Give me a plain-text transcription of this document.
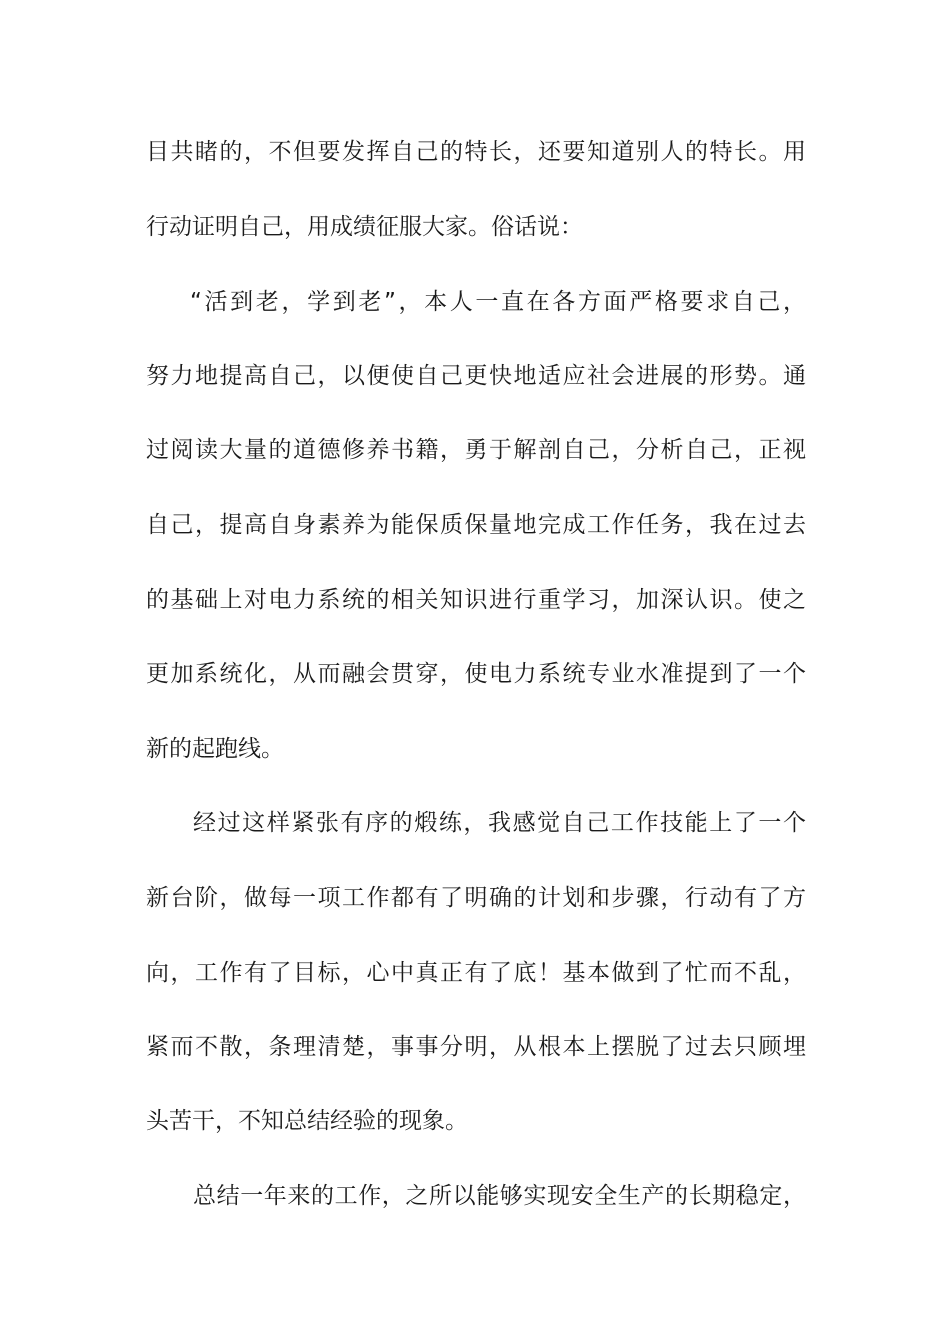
目共睹的，不但要发挥自己的特长，还要知道别人的特长。用
行动证明自己，用成绩征服大家。俗话说：
“活到老，学到老”，本人一直在各方面严格要求自己，
努力地提高自己，以便使自己更快地适应社会进展的形势。通
过阅读大量的道德修养书籍，勇于解剖自己，分析自己，正视
自己，提高自身素养为能保质保量地完成工作任务，我在过去
的基础上对电力系统的相关知识进行重学习，加深认识。使之
更加系统化，从而融会贯穿，使电力系统专业水准提到了一个
新的起跑线。
经过这样紧张有序的煅练，我感觉自己工作技能上了一个
新台阶，做每一项工作都有了明确的计划和步骤，行动有了方
向，工作有了目标，心中真正有了底！基本做到了忙而不乱，
紧而不散，条理清楚，事事分明，从根本上摆脱了过去只顾埋
头苦干，不知总结经验的现象。
总结一年来的工作，之所以能够实现安全生产的长期稳定，
